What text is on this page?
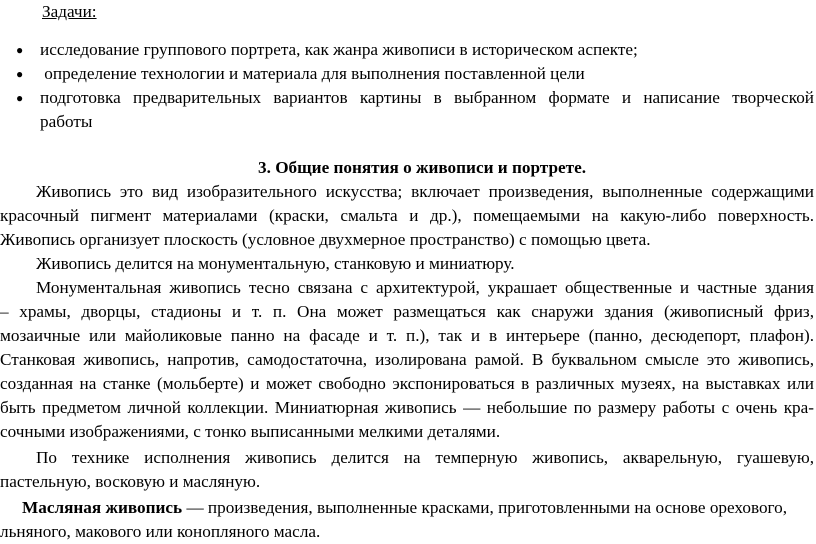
Задачи:
● исследование группового портрета, как жанра живописи в историческом аспекте;
● определение технологии и материала для выполнения поставленной цели
● подготовка предварительных вариантов картины в выбранном формате и написание творческой
работы
3. Общие понятия о живописи и портрете.
Живопись это вид изобразительного искусства; включает произведения, выполненные содержащими
красочный пигмент материалами (краски, смальта и др.), помещаемыми на какую-либо поверхность.
Живопись организует плоскость (условное двухмерное пространство) с помощью цвета.
Живопись делится на монументальную, станковую и миниатюру.
Монументальная живопись тесно связана с архитектурой, украшает общественные и частные здания
– храмы, дворцы, стадионы и т. п. Она может размещаться как снаружи здания (живописный фриз,
мозаичные или майоликовые панно на фасаде и т. п.), так и в интерьере (панно, десюдепорт, плафон).
Станковая живопись, напротив, самодостаточна, изолирована рамой. В буквальном смысле это живопись,
созданная на станке (мольберте) и может свободно экспонироваться в различных музеях, на выставках или
быть предметом личной коллекции. Миниатюрная живопись — небольшие по размеру работы с очень кра-
сочными изображениями, с тонко выписанными мелкими деталями.
По технике исполнения живопись делится на темперную живопись, акварельную, гуашевую,
пастельную, восковую и масляную.
Масляная живопись — произведения, выполненные красками, приготовленными на основе орехового,
льняного, макового или конопляного масла.
